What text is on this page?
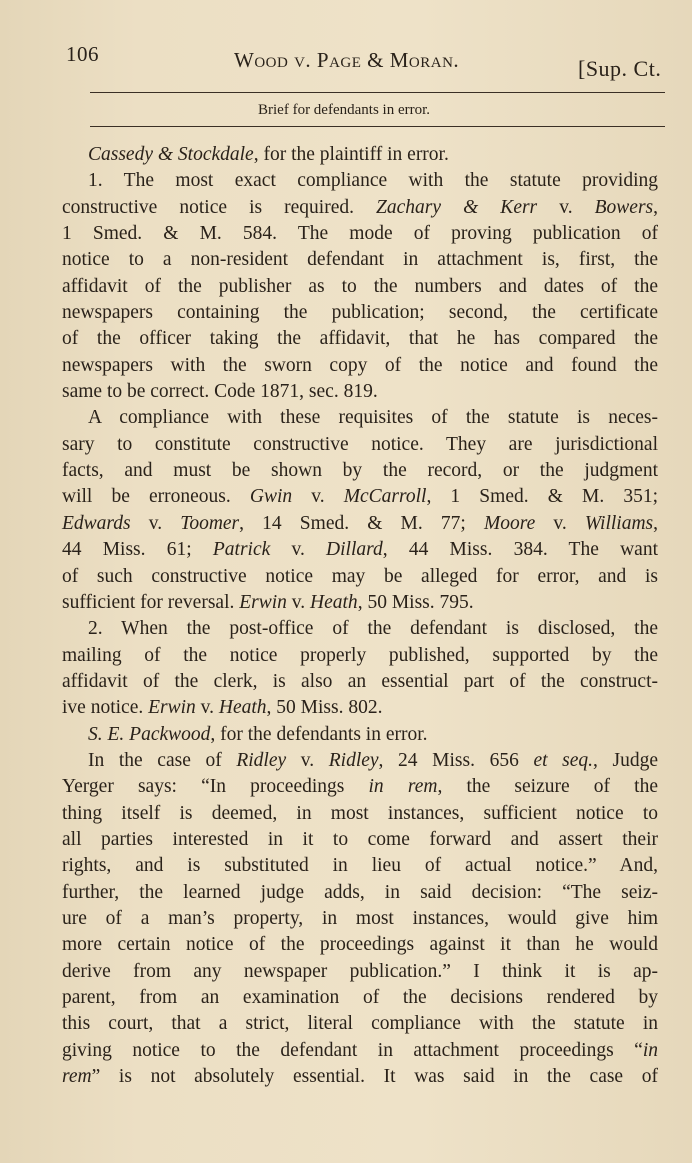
106	Wood v. Page & Moran.	[Sup. Ct.
Brief for defendants in error.
Cassedy & Stockdale, for the plaintiff in error.
1. The most exact compliance with the statute providing
constructive notice is required. Zachary & Kerr v. Bowers,
1 Smed. & M. 584. The mode of proving publication of
notice to a non-resident defendant in attachment is, first, the
affidavit of the publisher as to the numbers and dates of the
newspapers containing the publication; second, the certificate
of the officer taking the affidavit, that he has compared the
newspapers with the sworn copy of the notice and found the
same to be correct. Code 1871, sec. 819.
A compliance with these requisites of the statute is neces-
sary to constitute constructive notice. They are jurisdictional
facts, and must be shown by the record, or the judgment
will be erroneous. Gwin v. McCarroll, 1 Smed. & M. 351;
Edwards v. Toomer, 14 Smed. & M. 77; Moore v. Williams,
44 Miss. 61; Patrick v. Dillard, 44 Miss. 384. The want
of such constructive notice may be alleged for error, and is
sufficient for reversal. Erwin v. Heath, 50 Miss. 795.
2. When the post-office of the defendant is disclosed, the
mailing of the notice properly published, supported by the
affidavit of the clerk, is also an essential part of the construct-
ive notice. Erwin v. Heath, 50 Miss. 802.
S. E. Packwood, for the defendants in error.
In the case of Ridley v. Ridley, 24 Miss. 656 et seq., Judge
Yerger says: “In proceedings in rem, the seizure of the
thing itself is deemed, in most instances, sufficient notice to
all parties interested in it to come forward and assert their
rights, and is substituted in lieu of actual notice.” And,
further, the learned judge adds, in said decision: “The seiz-
ure of a man’s property, in most instances, would give him
more certain notice of the proceedings against it than he would
derive from any newspaper publication.” I think it is ap-
parent, from an examination of the decisions rendered by
this court, that a strict, literal compliance with the statute in
giving notice to the defendant in attachment proceedings “in
rem” is not absolutely essential. It was said in the case of
